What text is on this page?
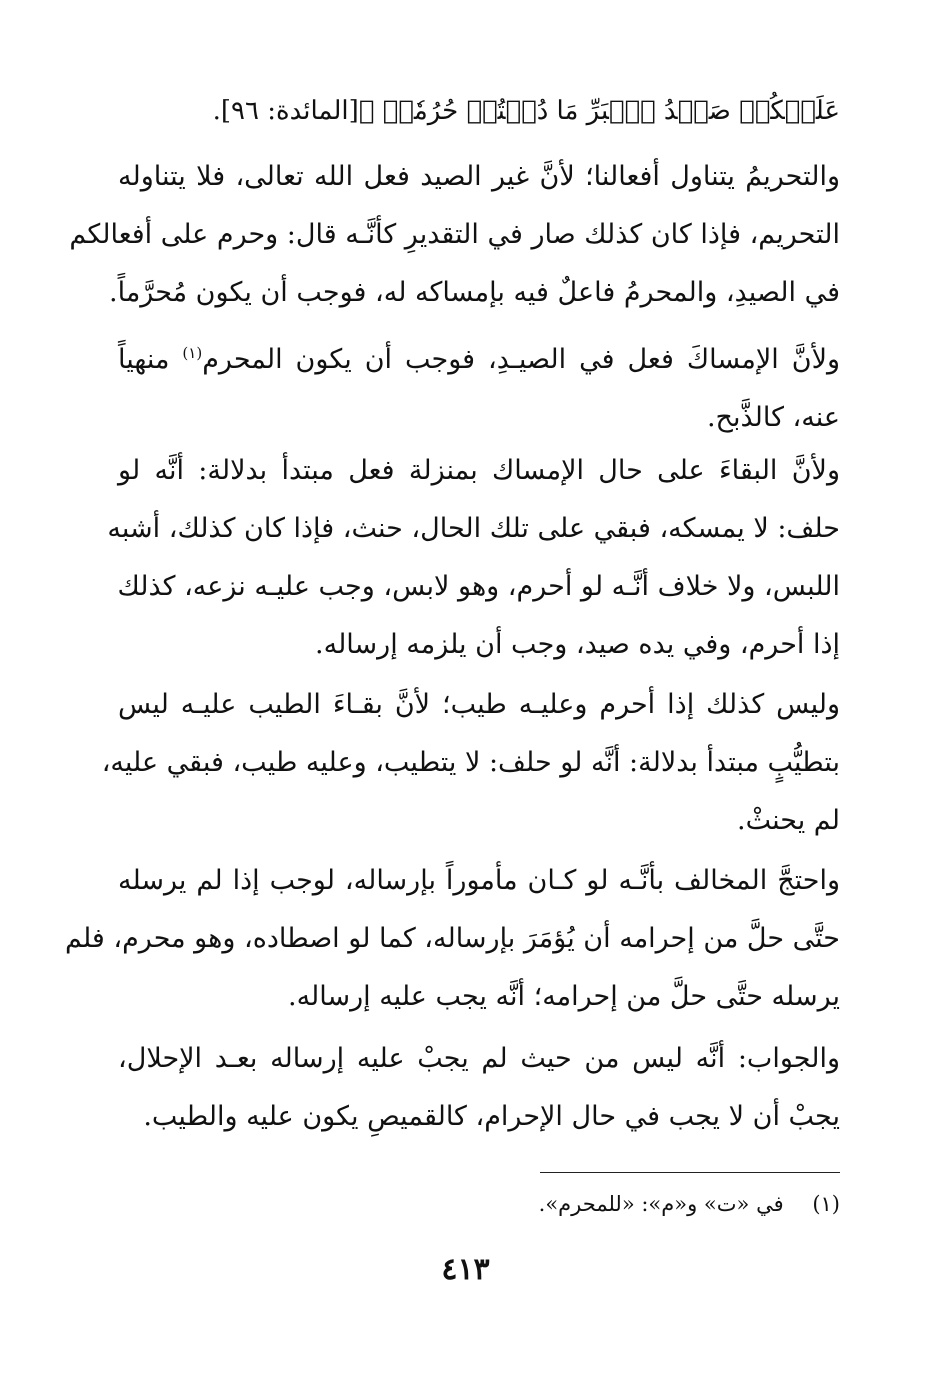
عَلَيۡكُمۡ صَيۡدُ ٱلۡبَرِّ مَا دُمۡتُمۡ حُرُمٗاۗ ﴾[المائدة: ٩٦].
والتحريمُ يتناول أفعالنا؛ لأنَّ غير الصيد فعل الله تعالى، فلا يتناوله
التحريم، فإذا كان كذلك صار في التقديرِ كأنَّـه قال: وحرم على أفعالكم
في الصيدِ، والمحرمُ فاعلٌ فيه بإمساكه له، فوجب أن يكون مُحرَّماً.
ولأنَّ الإمساكَ فعل في الصيـدِ، فوجب أن يكون المحرم$^{(١)}$ منهياً
عنه، كالذَّبح.
ولأنَّ البقاءَ على حال الإمساك بمنزلة فعل مبتدأ بدلالة: أنَّه لو
حلف: لا يمسكه، فبقي على تلك الحال، حنث، فإذا كان كذلك، أشبه
اللبس، ولا خلاف أنَّـه لو أحرم، وهو لابس، وجب عليـه نزعه، كذلك
إذا أحرم، وفي يده صيد، وجب أن يلزمه إرساله.
وليس كذلك إذا أحرم وعليـه طيب؛ لأنَّ بقـاءَ الطيب عليـه ليس
بتطيُّبٍ مبتدأ بدلالة: أنَّه لو حلف: لا يتطيب، وعليه طيب، فبقي عليه،
لم يحنثْ.
واحتجَّ المخالف بأنَّـه لو كـان مأموراً بإرساله، لوجب إذا لم يرسله
حتَّى حلَّ من إحرامه أن يُؤمَرَ بإرساله، كما لو اصطاده، وهو محرم، فلم
يرسله حتَّى حلَّ من إحرامه؛ أنَّه يجب عليه إرساله.
والجواب: أنَّه ليس من حيث لم يجبْ عليه إرساله بعـد الإحلال،
يجبْ أن لا يجب في حال الإحرام، كالقميصِ يكون عليه والطيب.
(١) في «ت» و«م»: «للمحرم».
٤١٣
